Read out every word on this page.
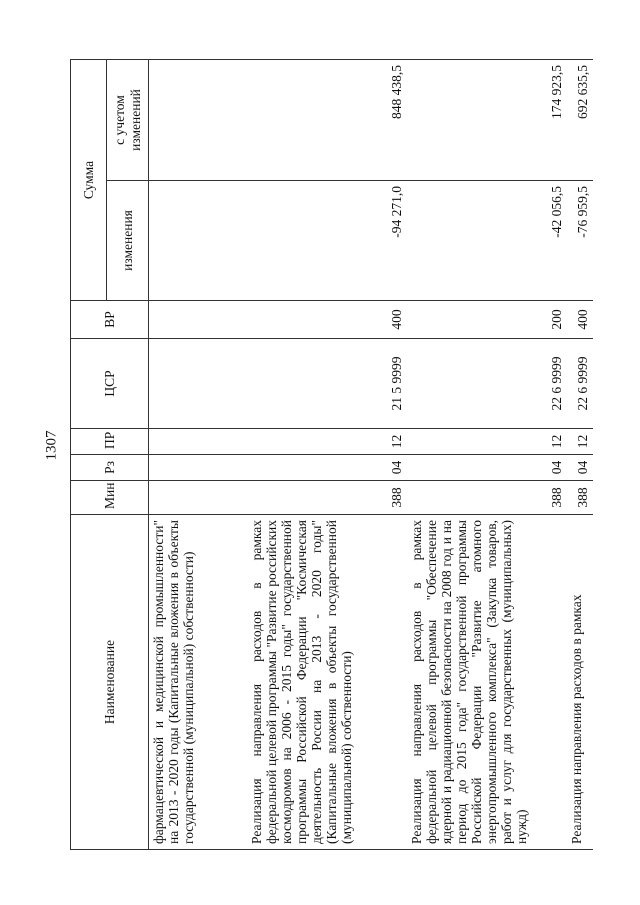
1307
Наименование	Мин	Рз	ПР	ЦСР	ВР	Сумма	
						изменения	с учетом изменений
фармацевтической и медицинской промышленности" на 2013 - 2020 годы (Капитальные вложения в объекты государственной (муниципальной) собственности)							
Реализация направления расходов в рамках федеральной целевой программы "Развитие российских космодромов на 2006 - 2015 годы" государственной программы Российской Федерации "Космическая деятельность России на 2013 - 2020 годы" (Капитальные вложения в объекты государственной (муниципальной) собственности)	388	04	12	21 5 9999	400	-94 271,0	848 438,5
Реализация направления расходов в рамках федеральной целевой программы "Обеспечение ядерной и радиационной безопасности на 2008 год и на период до 2015 года" государственной программы Российской Федерации "Развитие атомного энергопромышленного комплекса" (Закупка товаров, работ и услуг для государственных (муниципальных) нужд)	388	04	12	22 6 9999	200	-42 056,5	174 923,5
Реализация направления расходов в рамках	388	04	12	22 6 9999	400	-76 959,5	692 635,5
